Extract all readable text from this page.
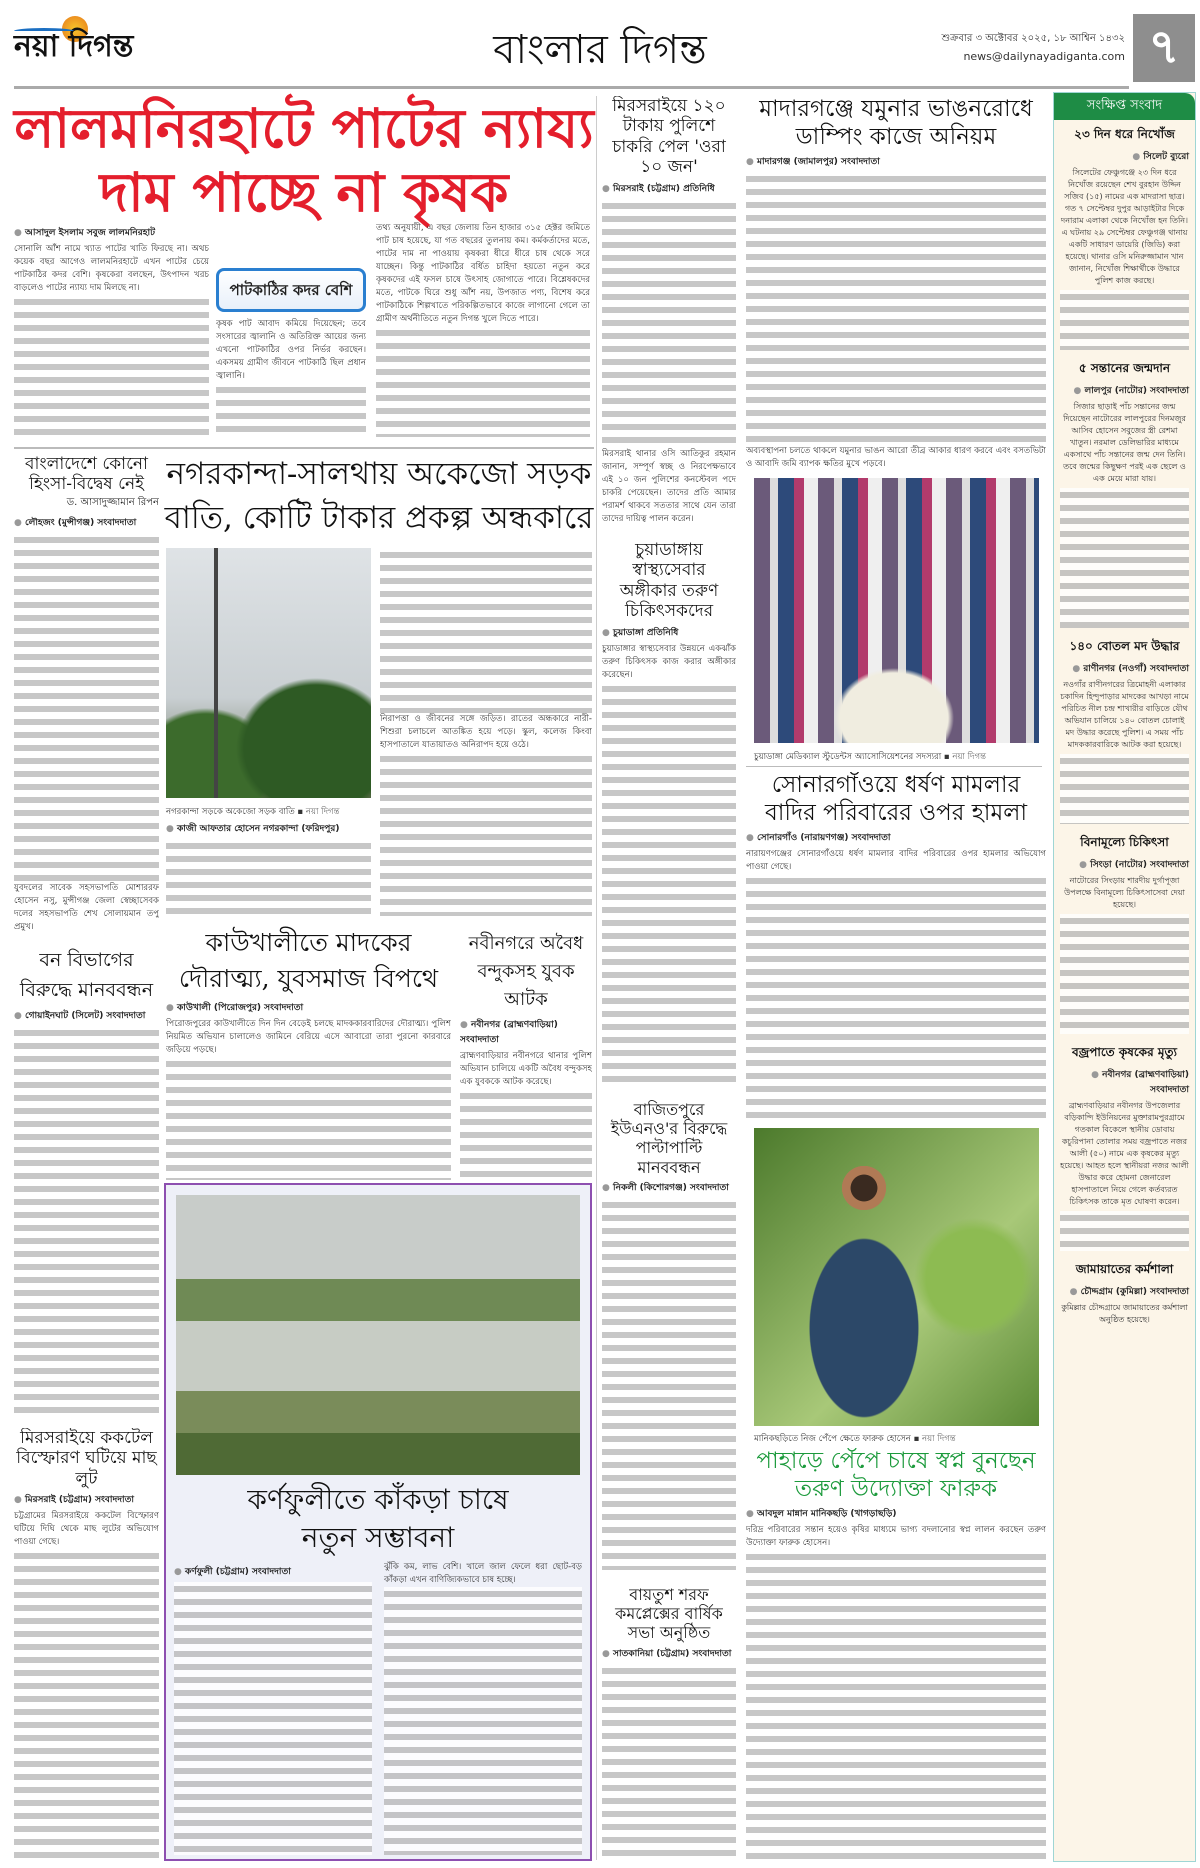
নয়া দিগন্ত	বাংলার দিগন্ত	শুক্রবার ৩ অক্টোবর ২০২৫, ১৮ আশ্বিন ১৪৩২
news@dailynayadiganta.com ৭
লালমনিরহাটে পাটের ন্যায্য
দাম পাচ্ছে না কৃষক
● আসাদুল ইসলাম সবুজ লালমনিরহাট
সোনালি আঁশ নামে খ্যাত পাটের খাতি ফিরছে না। অথচ কয়েক বছর আগেও লালমনিরহাটে এখন পাটের চেয়ে পাটকাঠির কদর বেশি। কৃষকেরা বলছেন, উৎপাদন খরচ বাড়লেও পাটের ন্যায্য দাম মিলছে না।	পাটকাঠির কদর বেশি
কৃষক পাট আবাদ কমিয়ে দিয়েছেন; তবে সংসারের জ্বালানি ও অতিরিক্ত আয়ের জন্য এখনো পাটকাঠির ওপর নির্ভর করছেন। একসময় গ্রামীণ জীবনে পাটকাঠি ছিল প্রধান জ্বালানি।
তথ্য অনুযায়ী, এ বছর জেলায় তিন হাজার ৩১৫ হেক্টর জমিতে পাট চাষ হয়েছে, যা গত বছরের তুলনায় কম। কর্মকর্তাদের মতে, পাটের দাম না পাওয়ায় কৃষকরা ধীরে ধীরে চাষ থেকে সরে যাচ্ছেন। কিন্তু পাটকাঠির বর্ধিত চাহিদা হয়তো নতুন করে কৃষকদের এই ফসল চাষে উৎসাহ জোগাতে পারে। বিশ্লেষকদের মতে, পাটকে ঘিরে শুধু আঁশ নয়, উপজাত পণ্য, বিশেষ করে পাটকাঠিকে শিল্পখাতে পরিকল্পিতভাবে কাজে লাগানো গেলে তা গ্রামীণ অর্থনীতিতে নতুন দিগন্ত খুলে দিতে পারে।
মিরসরাইয়ে ১২০ টাকায় পুলিশে চাকরি পেল 'ওরা ১০ জন'
● মিরসরাই (চট্টগ্রাম) প্রতিনিধি
মিরসরাই থানার ওসি আতিকুর রহমান জানান, সম্পূর্ণ স্বচ্ছ ও নিরপেক্ষভাবে এই ১০ জন পুলিশের কনস্টেবল পদে চাকরি পেয়েছেন। তাদের প্রতি আমার পরামর্শ থাকবে সততার সাথে যেন তারা তাদের দায়িত্ব পালন করেন।
চুয়াডাঙ্গায় স্বাস্থ্যসেবার অঙ্গীকার তরুণ চিকিৎসকদের
● চুয়াডাঙ্গা প্রতিনিধি
চুয়াডাঙ্গার স্বাস্থ্যসেবার উন্নয়নে একঝাঁক তরুণ চিকিৎসক কাজ করার অঙ্গীকার করেছেন।
বাজিতপুরে ইউএনও'র বিরুদ্ধে পাল্টাপাল্টি মানববন্ধন
● নিকলী (কিশোরগঞ্জ) সংবাদদাতা
বায়তুশ শরফ কমপ্লেক্সের বার্ষিক সভা অনুষ্ঠিত
● সাতকানিয়া (চট্টগ্রাম) সংবাদদাতা
মাদারগঞ্জে যমুনার ভাঙনরোধে ডাম্পিং কাজে অনিয়ম
● মাদারগঞ্জ (জামালপুর) সংবাদদাতা
অব্যবস্থাপনা চলতে থাকলে যমুনার ভাঙন আরো তীব্র আকার ধারণ করবে এবং বসতভিটা ও আবাদি জমি ব্যাপক ক্ষতির মুখে পড়বে।
চুয়াডাঙ্গা মেডিক্যাল স্টুডেন্টস অ্যাসোসিয়েশনের সদস্যরা ▪ নয়া দিগন্ত
সোনারগাঁওয়ে ধর্ষণ মামলার বাদির পরিবারের ওপর হামলা
● সোনারগাঁও (নারায়ণগঞ্জ) সংবাদদাতা
নারায়ণগঞ্জের সোনারগাঁওয়ে ধর্ষণ মামলার বাদির পরিবারের ওপর হামলার অভিযোগ পাওয়া গেছে।
মানিকছড়িতে নিজ পেঁপে ক্ষেতে ফারুক হোসেন ▪ নয়া দিগন্ত
পাহাড়ে পেঁপে চাষে স্বপ্ন বুনছেন তরুণ উদ্যোক্তা ফারুক
● আবদুল মান্নান মানিকছড়ি (খাগড়াছড়ি)
দরিদ্র পরিবারের সন্তান হয়েও কৃষির মাধ্যমে ভাগ্য বদলানোর স্বপ্ন লালন করছেন তরুণ উদ্যোক্তা ফারুক হোসেন।
বাংলাদেশে কোনো হিংসা-বিদ্বেষ নেই
ড. আসাদুজ্জামান রিপন
● লৌহজং (মুন্সীগঞ্জ) সংবাদদাতা
যুবদলের সাবেক সহসভাপতি মোশাররফ হোসেন নসু, মুন্সীগঞ্জ জেলা স্বেচ্ছাসেবক দলের সহসভাপতি শেখ সোলায়মান তপু প্রমুখ।
বন বিভাগের বিরুদ্ধে মানববন্ধন
● গোয়াইনঘাট (সিলেট) সংবাদদাতা
মিরসরাইয়ে ককটেল বিস্ফোরণ ঘটিয়ে মাছ লুট
● মিরসরাই (চট্টগ্রাম) সংবাদদাতা
চট্টগ্রামের মিরসরাইয়ে ককটেল বিস্ফোরণ ঘটিয়ে দিঘি থেকে মাছ লুটের অভিযোগ পাওয়া গেছে।
নগরকান্দা-সালথায় অকেজো সড়ক
বাতি, কোটি টাকার প্রকল্প অন্ধকারে
নগরকান্দা সড়কে অকেজো সড়ক বাতি ▪ নয়া দিগন্ত
● কাজী আফতার হোসেন নগরকান্দা (ফরিদপুর)
নিরাপত্তা ও জীবনের সঙ্গে জড়িত। রাতের অন্ধকারে নারী-শিশুরা চলাচলে আতঙ্কিত হয়ে পড়ে। স্কুল, কলেজ কিংবা হাসপাতালে যাতায়াতও অনিরাপদ হয়ে ওঠে।
কাউখালীতে মাদকের দৌরাত্ম্য, যুবসমাজ বিপথে
● কাউখালী (পিরোজপুর) সংবাদদাতা
পিরোজপুরের কাউখালীতে দিন দিন বেড়েই চলছে মাদককারবারিদের দৌরাত্ম্য। পুলিশ নিয়মিত অভিযান চালালেও জামিনে বেরিয়ে এসে আবারো তারা পুরনো কারবারে জড়িয়ে পড়ছে।
নবীনগরে অবৈধ বন্দুকসহ যুবক আটক
● নবীনগর (ব্রাহ্মণবাড়িয়া) সংবাদদাতা
ব্রাহ্মণবাড়িয়ার নবীনগরে থানার পুলিশ অভিযান চালিয়ে একটি অবৈধ বন্দুকসহ এক যুবককে আটক করেছে।
কর্ণফুলীতে কাঁকড়া চাষে
নতুন সম্ভাবনা
● কর্ণফুলী (চট্টগ্রাম) সংবাদদাতা	ঝুঁকি কম, লাভ বেশি। খালে জাল ফেলে ধরা ছোট-বড় কাঁকড়া এখন বাণিজ্যিকভাবে চাষ হচ্ছে।
সংক্ষিপ্ত সংবাদ
২৩ দিন ধরে নিখোঁজ
● সিলেট ব্যুরো
সিলেটের ফেঞ্চুগঞ্জে ২৩ দিন ধরে নিখোঁজ রয়েছেন শেখ বুরহান উদ্দিন সজিব (১৫) নামের এক মাদরাসা ছাত্র। গত ৭ সেপ্টেম্বর দুপুর আড়াইটার দিকে দনারাম এলাকা থেকে নিখোঁজ হন তিনি। এ ঘটনায় ২৯ সেপ্টেম্বর ফেঞ্চুগঞ্জ থানায় একটি সাধারণ ডায়েরি (জিডি) করা হয়েছে। থানার ওসি মনিরুজ্জামান খান জানান, নিখোঁজ শিক্ষার্থীকে উদ্ধারে পুলিশ কাজ করছে।
৫ সন্তানের জন্মদান
● লালপুর (নাটোর) সংবাদদাতা
সিজার ছাড়াই পাঁচ সন্তানের জন্ম দিয়েছেন নাটোরের লালপুরের দিনমজুর আসিব হোসেন সবুজের স্ত্রী রেশমা খাতুন। নরমাল ডেলিভারির মাধ্যমে একসাথে পাঁচ সন্তানের জন্ম দেন তিনি। তবে জন্মের কিছুক্ষণ পরই এক ছেলে ও এক মেয়ে মারা যায়।
১৪০ বোতল মদ উদ্ধার
● রাণীনগর (নওগাঁ) সংবাদদাতা
নওগাঁর রাণীনগরের ত্রিমোহনী এলাকার চকাদিন হিন্দুপাড়ার মাদকের আখড়া নামে পরিচিত নীল চন্দ্র শাখারীর বাড়িতে যৌথ অভিযান চালিয়ে ১৪০ বোতল চোলাই মদ উদ্ধার করেছে পুলিশ। এ সময় পাঁচ মাদককারবারিকে আটক করা হয়েছে।
বিনামূল্যে চিকিৎসা
● সিংড়া (নাটোর) সংবাদদাতা
নাটোরের সিংড়ায় শারদীয় দুর্গাপূজা উপলক্ষে বিনামূল্যে চিকিৎসাসেবা দেয়া হয়েছে।
বজ্রপাতে কৃষকের মৃত্যু
● নবীনগর (ব্রাহ্মণবাড়িয়া) সংবাদদাতা
ব্রাহ্মণবাড়িয়ার নবীনগর উপজেলার বড়িকান্দি ইউনিয়নের মুক্তারামপুরগ্রামে গতকাল বিকেলে স্থানীয় ডোবায় কচুরিপানা তোলার সময় বজ্রপাতে নজর আলী (৫০) নামে এক কৃষকের মৃত্যু হয়েছে। আহত হলে স্থানীয়রা নজর আলী উদ্ধার করে হোমনা জেনারেল হাসপাতালে নিয়ে গেলে কর্তব্যরত চিকিৎসক তাকে মৃত ঘোষণা করেন।
জামায়াতের কর্মশালা
● চৌদ্দগ্রাম (কুমিল্লা) সংবাদদাতা
কুমিল্লার চৌদ্দগ্রামে জামায়াতের কর্মশালা অনুষ্ঠিত হয়েছে।
